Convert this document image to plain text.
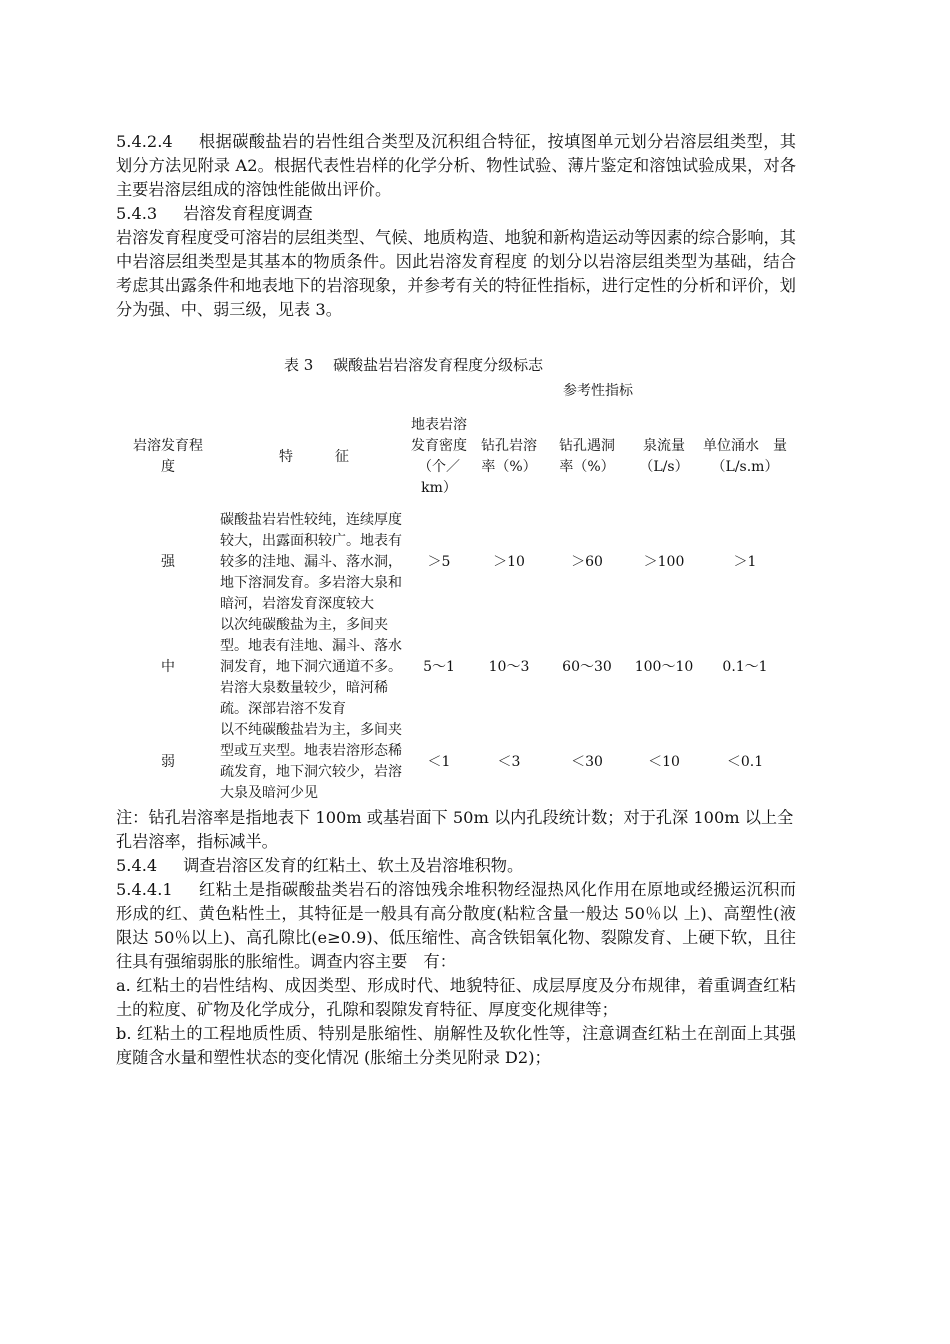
5.4.2.4 根据碳酸盐岩的岩性组合类型及沉积组合特征，按填图单元划分岩溶层组类型，其划分方法见附录 A2。根据代表性岩样的化学分析、物性试验、薄片鉴定和溶蚀试验成果，对各主要岩溶层组成的溶蚀性能做出评价。

5.4.3 岩溶发育程度调查

岩溶发育程度受可溶岩的层组类型、气候、地质构造、地貌和新构造运动等因素的综合影响，其中岩溶层组类型是其基本的物质条件。因此岩溶发育程度 的划分以岩溶层组类型为基础，结合考虑其出露条件和地表地下的岩溶现象，并参考有关的特征性指标，进行定性的分析和评价，划分为强、中、弱三级，见表 3。

表 3　 碳酸盐岩岩溶发育程度分级标志
		参考性指标				
岩溶发育程　　　度	特　　　征	地表岩溶发育密度（个／km）	钻孔岩溶　率（%）	钻孔遇洞　率（%）	泉流量（L/s）	单位涌水　量（L/s.m）
强	碳酸盐岩岩性较纯，连续厚度较大，出露面积较广。地表有较多的洼地、漏斗、落水洞，地下溶洞发育。多岩溶大泉和暗河，岩溶发育深度较大	＞5	＞10	＞60	＞100	＞1
中	以次纯碳酸盐为主，多间夹型。地表有洼地、漏斗、落水洞发育，地下洞穴通道不多。岩溶大泉数量较少，暗河稀疏。深部岩溶不发育	5～1	10～3	60～30	100～10	0.1～1
弱	以不纯碳酸盐岩为主，多间夹型或互夹型。地表岩溶形态稀疏发育，地下洞穴较少，岩溶大泉及暗河少见	＜1	＜3	＜30	＜10	＜0.1

注：钻孔岩溶率是指地表下 100m 或基岩面下 50m 以内孔段统计数；对于孔深 100m 以上全孔岩溶率，指标减半。

5.4.4 调查岩溶区发育的红粘土、软土及岩溶堆积物。

5.4.4.1 红粘土是指碳酸盐类岩石的溶蚀残余堆积物经湿热风化作用在原地或经搬运沉积而形成的红、黄色粘性土，其特征是一般具有高分散度(粘粒含量一般达 50％以 上)、高塑性(液限达 50％以上)、高孔隙比(e≥0.9)、低压缩性、高含铁铝氧化物、裂隙发育、上硬下软，且往往具有强缩弱胀的胀缩性。调查内容主要　有：

a. 红粘土的岩性结构、成因类型、形成时代、地貌特征、成层厚度及分布规律，着重调查红粘土的粒度、矿物及化学成分，孔隙和裂隙发育特征、厚度变化规律等；

b. 红粘土的工程地质性质、特别是胀缩性、崩解性及软化性等，注意调查红粘土在剖面上其强度随含水量和塑性状态的变化情况 (胀缩土分类见附录 D2)；
